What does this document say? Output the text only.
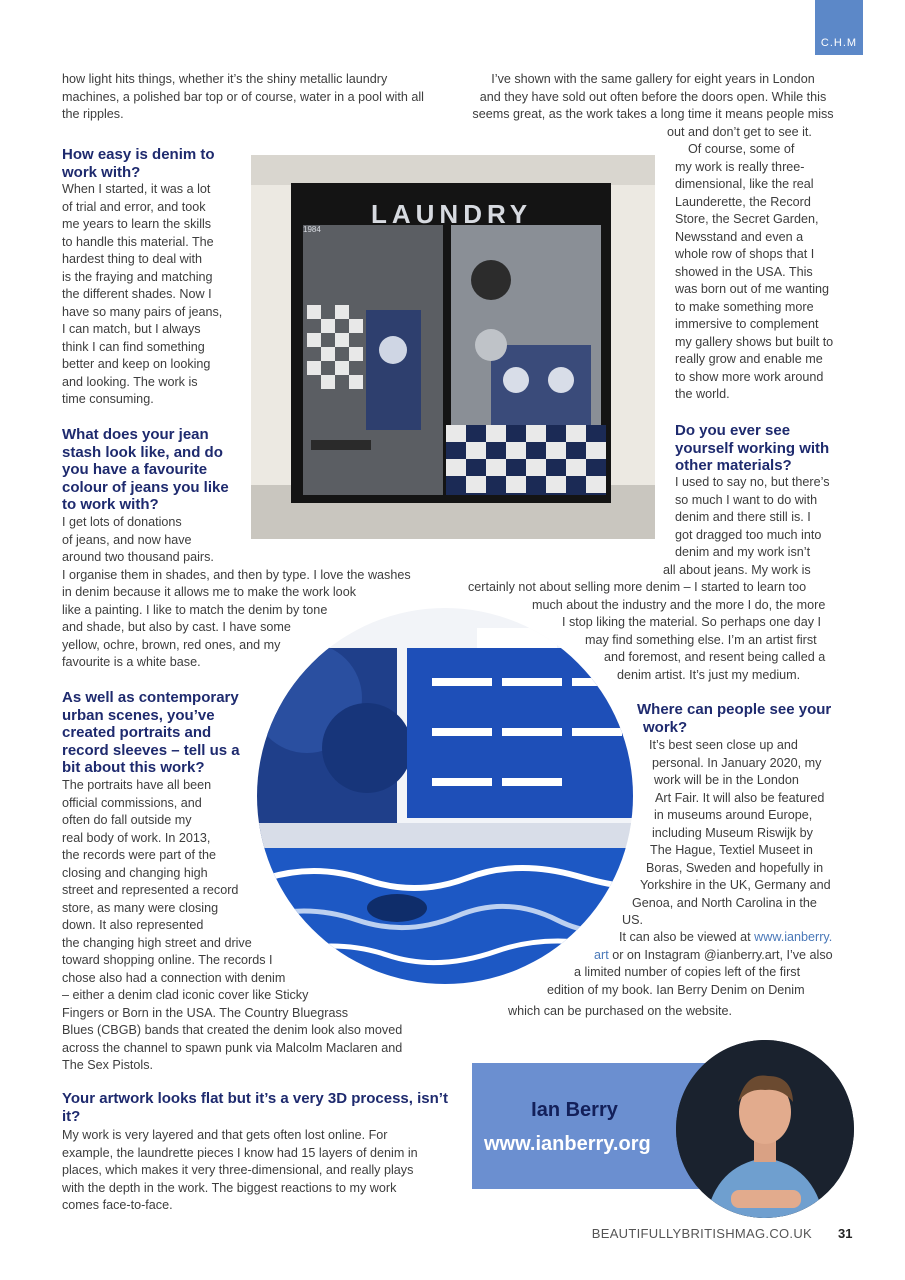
C.H.M
how light hits things, whether it’s the shiny metallic laundry
machines, a polished bar top or of course, water in a pool with all
the ripples.
How easy is denim to
work with?
When I started, it was a lot
of trial and error, and took
me years to learn the skills
to handle this material. The
hardest thing to deal with
is the fraying and matching
the different shades. Now I
have so many pairs of jeans,
I can match, but I always
think I can find something
better and keep on looking
and looking. The work is
time consuming.
What does your jean
stash look like, and do
you have a favourite
colour of jeans you like
to work with?
I get lots of donations
of jeans, and now have
around two thousand pairs.
I organise them in shades, and then by type. I love the washes
in denim because it allows me to make the work look
like a painting. I like to match the denim by tone
and shade, but also by cast. I have some
yellow, ochre, brown, red ones, and my
favourite is a white base.
As well as contemporary
urban scenes, you’ve
created portraits and
record sleeves – tell us a
bit about this work?
The portraits have all been
official commissions, and
often do fall outside my
real body of work. In 2013,
the records were part of the
closing and changing high
street and represented a record
store, as many were closing
down. It also represented
the changing high street and drive
toward shopping online. The records I
chose also had a connection with denim
– either a denim clad iconic cover like Sticky
Fingers or Born in the USA. The Country Bluegrass
Blues (CBGB) bands that created the denim look also moved
across the channel to spawn punk via Malcolm Maclaren and
The Sex Pistols.
Your artwork looks flat but it’s a very 3D process, isn’t
it?
My work is very layered and that gets often lost online. For
example, the laundrette pieces I know had 15 layers of denim in
places, which makes it very three-dimensional, and really plays
with the depth in the work. The biggest reactions to my work
comes face-to-face.
I’ve shown with the same gallery for eight years in London
and they have sold out often before the doors open. While this
seems great, as the work takes a long time it means people miss
out and don’t get to see it.
Of course, some of
my work is really three-
dimensional, like the real
Launderette, the Record
Store, the Secret Garden,
Newsstand and even a
whole row of shops that I
showed in the USA. This
was born out of me wanting
to make something more
immersive to complement
my gallery shows but built to
really grow and enable me
to show more work around
the world.
Do you ever see
yourself working with
other materials?
I used to say no, but there’s
so much I want to do with
denim and there still is. I
got dragged too much into
denim and my work isn’t
all about jeans. My work is
certainly not about selling more denim – I started to learn too
much about the industry and the more I do, the more
I stop liking the material. So perhaps one day I
may find something else. I’m an artist first
and foremost, and resent being called a
denim artist. It’s just my medium.
Where can people see your
work?
It’s best seen close up and
personal. In January 2020, my
work will be in the London
Art Fair. It will also be featured
in museums around Europe,
including Museum Riswijk by
The Hague, Textiel Museet in
Boras, Sweden and hopefully in
Yorkshire in the UK, Germany and
Genoa, and North Carolina in the
US.
It can also be viewed at www.ianberry.
art or on Instagram @ianberry.art, I’ve also
a limited number of copies left of the first
edition of my book. Ian Berry Denim on Denim
which can be purchased on the website.
LAUNDRY
1984
Ian Berry
www.ianberry.org
BEAUTIFULLYBRITISHMAG.CO.UK 31
